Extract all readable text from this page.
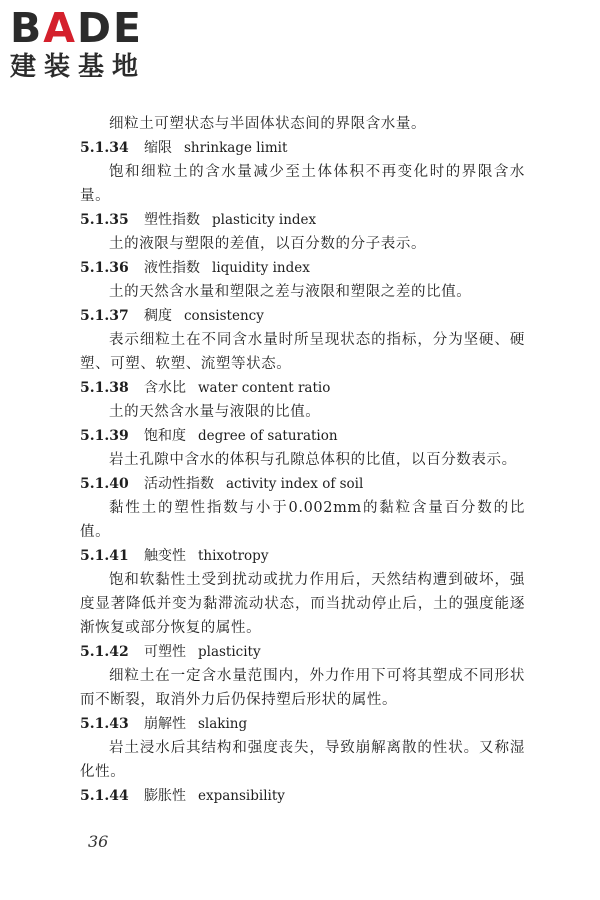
BADE
建装基地
细粒土可塑状态与半固体状态间的界限含水量。
5.1.34 缩限 shrinkage limit
饱和细粒土的含水量减少至土体体积不再变化时的界限含水量。
5.1.35 塑性指数 plasticity index
土的液限与塑限的差值，以百分数的分子表示。
5.1.36 液性指数 liquidity index
土的天然含水量和塑限之差与液限和塑限之差的比值。
5.1.37 稠度 consistency
表示细粒土在不同含水量时所呈现状态的指标，分为坚硬、硬塑、可塑、软塑、流塑等状态。
5.1.38 含水比 water content ratio
土的天然含水量与液限的比值。
5.1.39 饱和度 degree of saturation
岩土孔隙中含水的体积与孔隙总体积的比值，以百分数表示。
5.1.40 活动性指数 activity index of soil
黏性土的塑性指数与小于0.002mm的黏粒含量百分数的比值。
5.1.41 触变性 thixotropy
饱和软黏性土受到扰动或扰力作用后，天然结构遭到破坏，强度显著降低并变为黏滞流动状态，而当扰动停止后，土的强度能逐渐恢复或部分恢复的属性。
5.1.42 可塑性 plasticity
细粒土在一定含水量范围内，外力作用下可将其塑成不同形状而不断裂，取消外力后仍保持塑后形状的属性。
5.1.43 崩解性 slaking
岩土浸水后其结构和强度丧失，导致崩解离散的性状。又称湿化性。
5.1.44 膨胀性 expansibility
36
